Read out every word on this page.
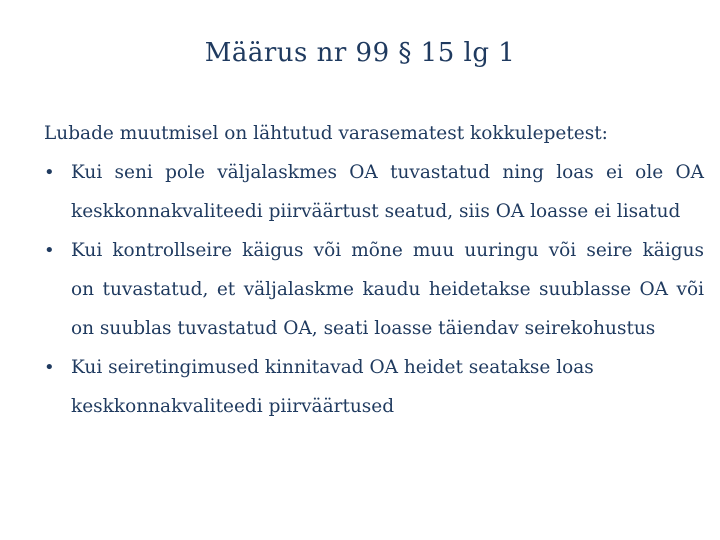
Määrus nr 99 § 15 lg 1

Lubade muutmisel on lähtutud varasematest kokkulepetest:

• Kui seni pole väljalaskmes OA tuvastatud ning loas ei ole OA
keskkonnakvaliteedi piirväärtust seatud, siis OA loasse ei lisatud
• Kui kontrollseire käigus või mõne muu uuringu või seire käigus
on tuvastatud, et väljalaskme kaudu heidetakse suublasse OA või
on suublas tuvastatud OA, seati loasse täiendav seirekohustus
• Kui seiretingimused kinnitavad OA heidet seatakse loas
keskkonnakvaliteedi piirväärtused
